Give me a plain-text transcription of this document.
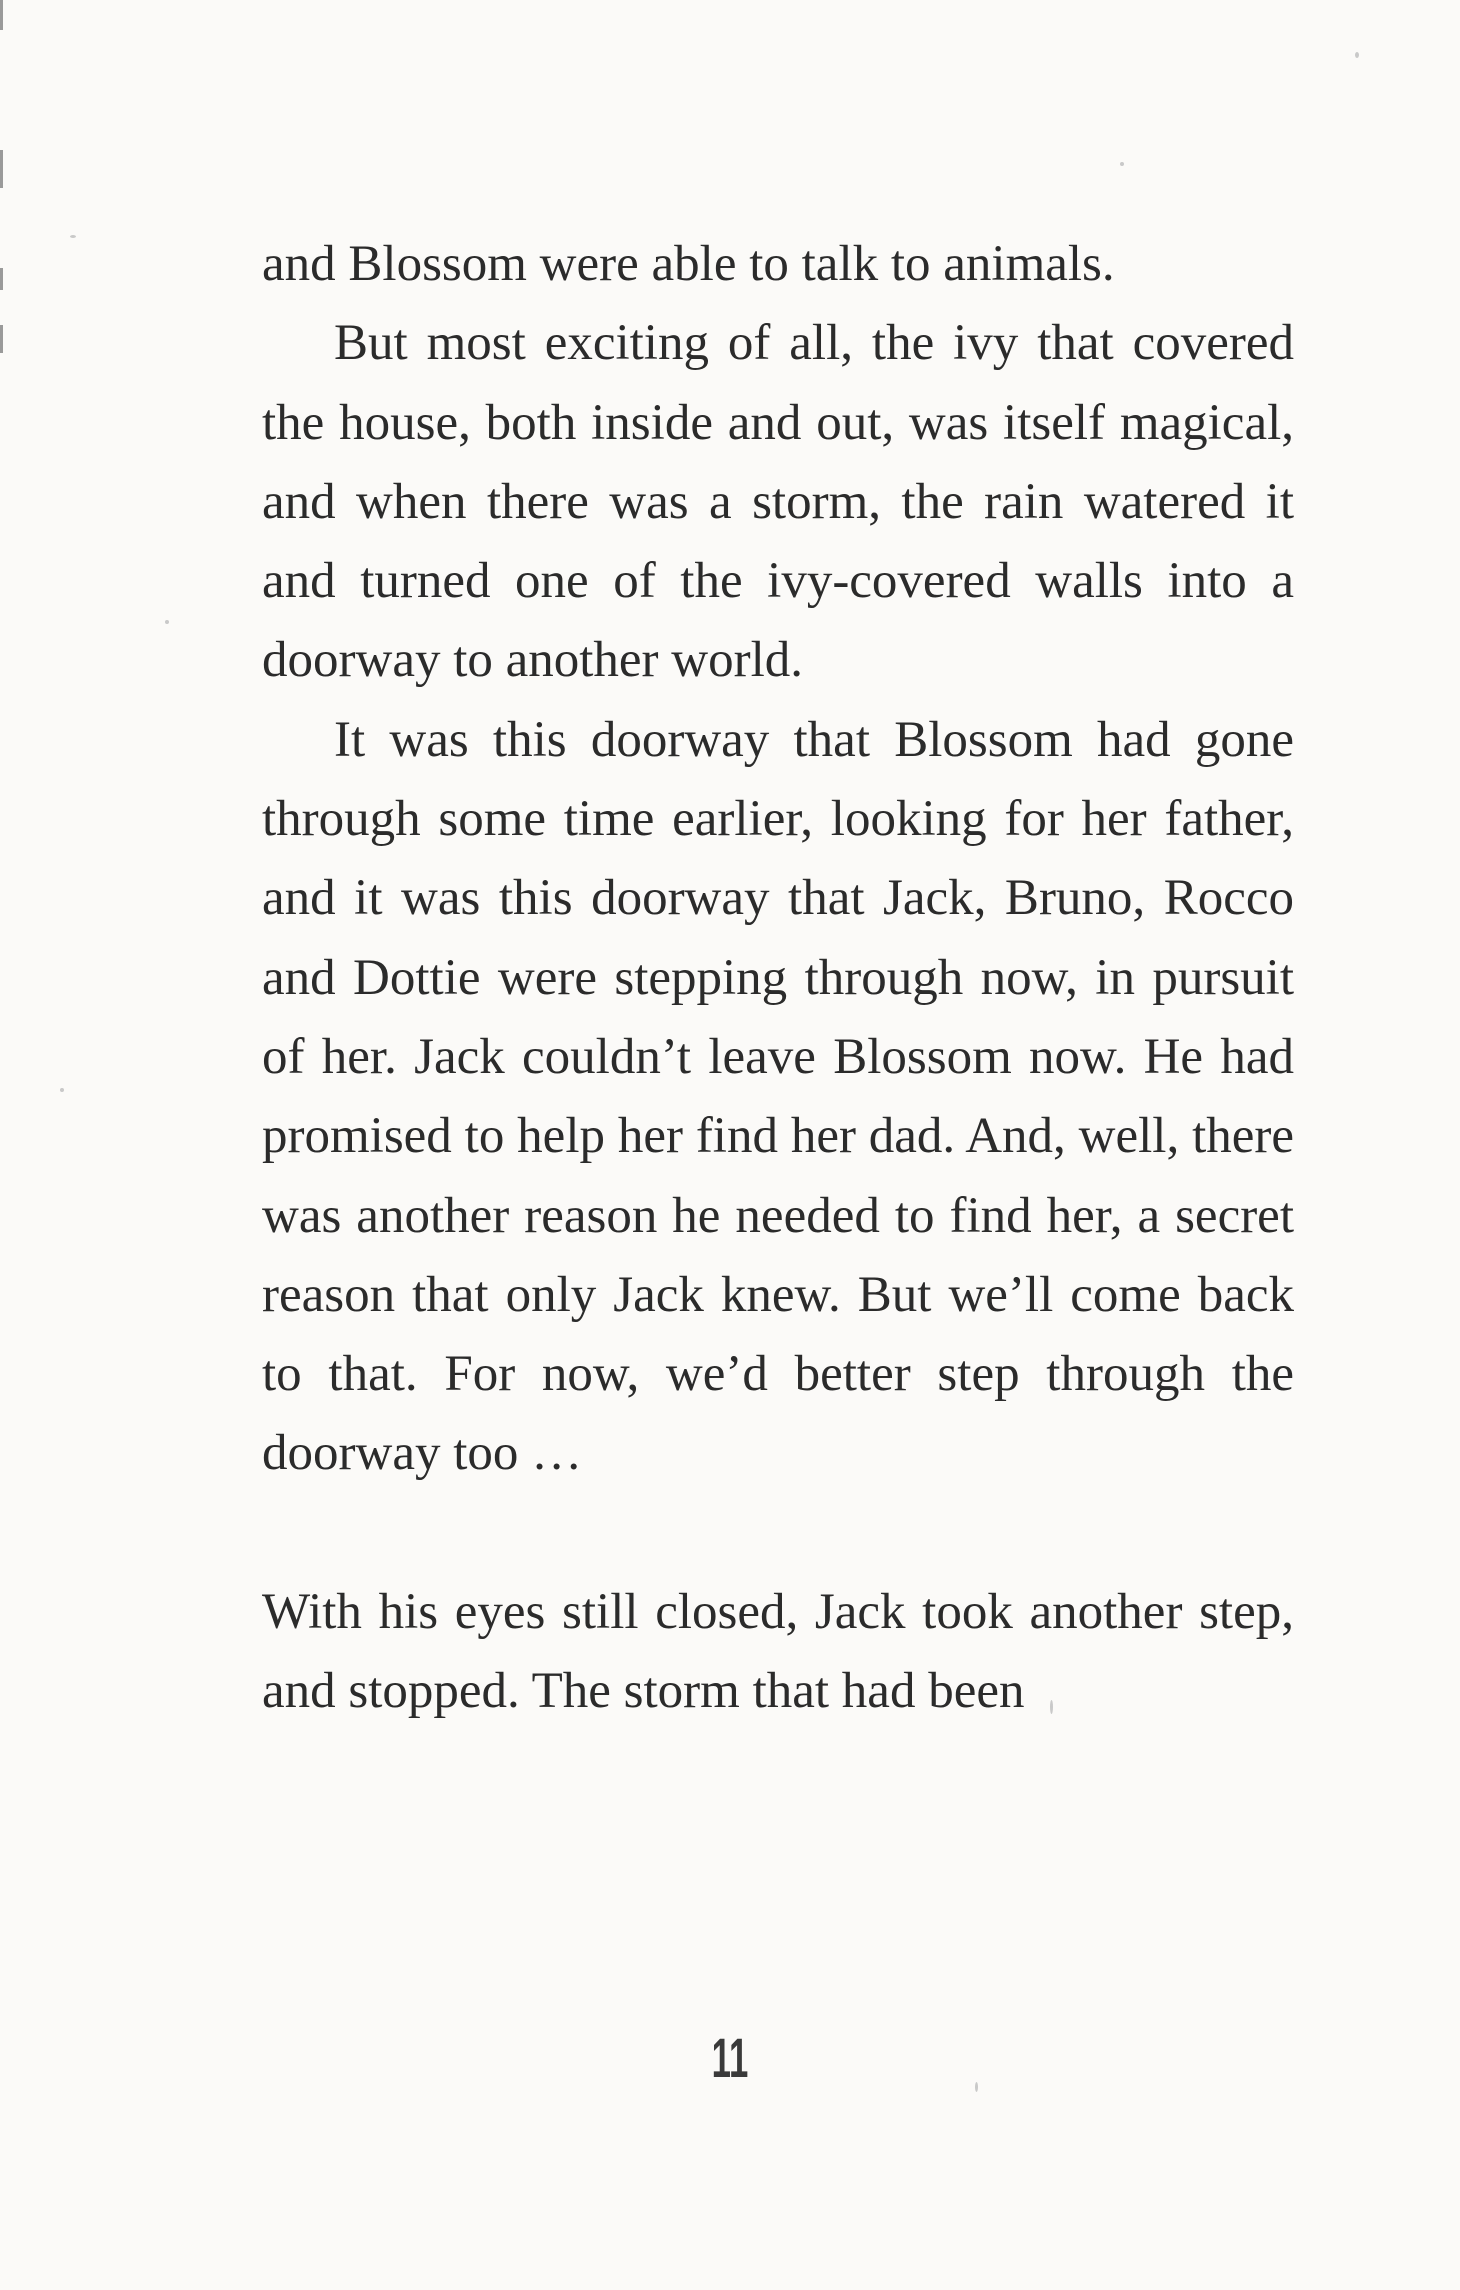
and Blossom were able to talk to animals.

But most exciting of all, the ivy that covered the house, both inside and out, was itself magical, and when there was a storm, the rain watered it and turned one of the ivy-covered walls into a doorway to another world.

It was this doorway that Blossom had gone through some time earlier, looking for her father, and it was this doorway that Jack, Bruno, Rocco and Dottie were stepping through now, in pursuit of her. Jack couldn’t leave Blossom now. He had promised to help her find her dad. And, well, there was another reason he needed to find her, a secret reason that only Jack knew. But we’ll come back to that. For now, we’d better step through the doorway too …

With his eyes still closed, Jack took another step, and stopped. The storm that had been

11
